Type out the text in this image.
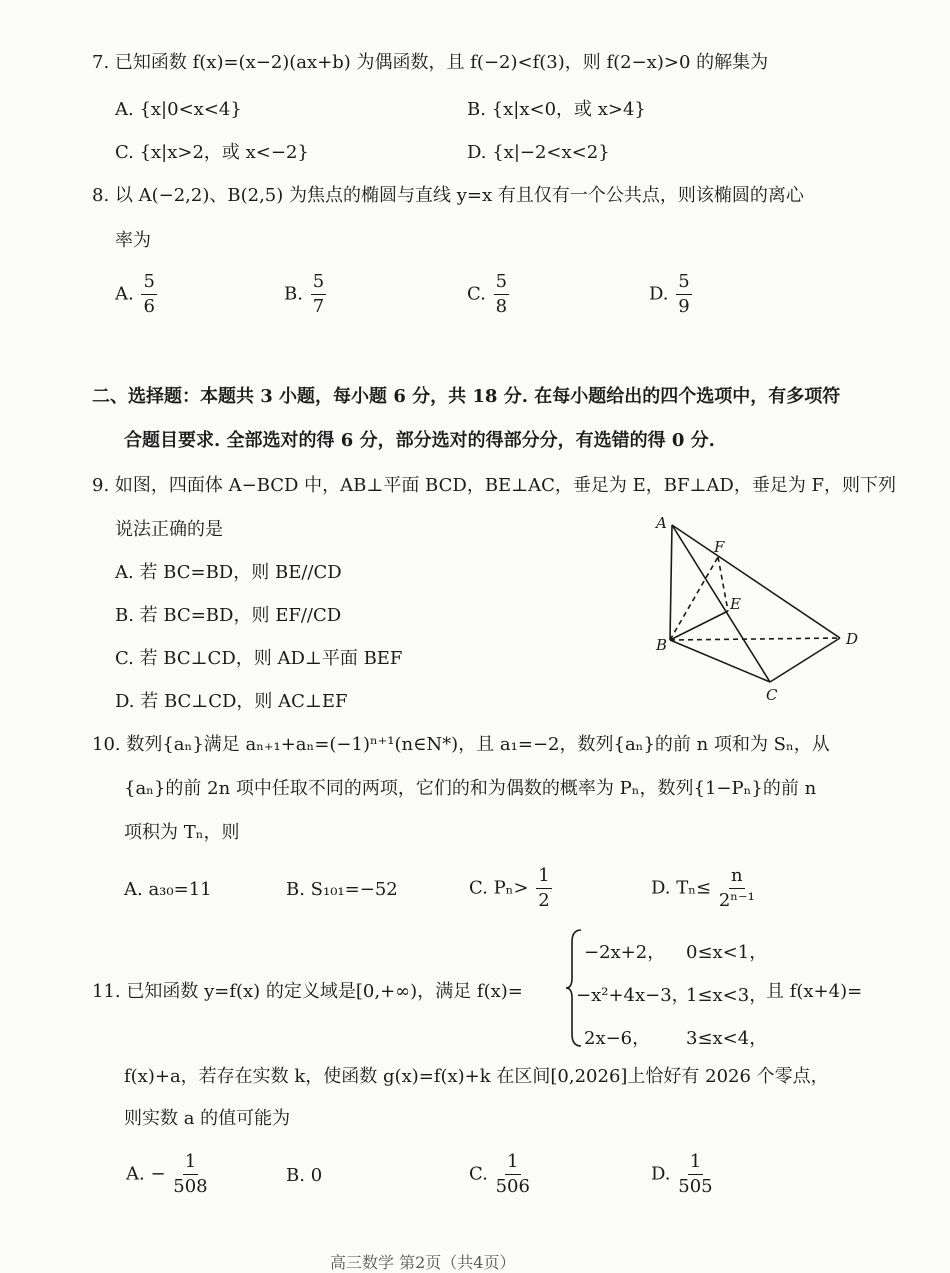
7. 已知函数 f(x)=(x−2)(ax+b) 为偶函数，且 f(−2)<f(3)，则 f(2−x)>0 的解集为
A. {x|0<x<4}	B. {x|x<0，或 x>4}
C. {x|x>2，或 x<−2}	D. {x|−2<x<2}
8. 以 A(−2,2)、B(2,5) 为焦点的椭圆与直线 y=x 有且仅有一个公共点，则该椭圆的离心
率为
A. $\frac{5}{6}$	B. $\frac{5}{7}$	C. $\frac{5}{8}$	D. $\frac{5}{9}$
二、选择题：本题共 3 小题，每小题 6 分，共 18 分. 在每小题给出的四个选项中，有多项符
合题目要求. 全部选对的得 6 分，部分选对的得部分分，有选错的得 0 分.
9. 如图，四面体 A−BCD 中，AB⊥平面 BCD，BE⊥AC，垂足为 E，BF⊥AD，垂足为 F，则下列
说法正确的是
A. 若 BC=BD，则 BE//CD
B. 若 BC=BD，则 EF//CD
C. 若 BC⊥CD，则 AD⊥平面 BEF
D. 若 BC⊥CD，则 AC⊥EF
A
B
C
D
E
F
10. 数列{aₙ}满足 aₙ₊₁+aₙ=(−1)ⁿ⁺¹(n∈N*)，且 a₁=−2，数列{aₙ}的前 n 项和为 Sₙ，从
{aₙ}的前 2n 项中任取不同的两项，它们的和为偶数的概率为 Pₙ，数列{1−Pₙ}的前 n
项积为 Tₙ，则
A. a₃₀=11	B. S₁₀₁=−52	C. $P_n> \frac{1}{2}$	D. $T_n\le \frac{n}{\text{2ⁿ⁻¹}}$
11. 已知函数 y=f(x) 的定义域是[0,+∞)，满足 f(x)=
−2x+2， 0≤x<1，
−x²+4x−3，
1≤x<3，
2x−6， 3≤x<4，
且 f(x+4)=
f(x)+a，若存在实数 k，使函数 g(x)=f(x)+k 在区间[0,2026]上恰好有 2026 个零点，
则实数 a 的值可能为
A. − $\frac{1}{508}$	B. 0	C. $\frac{1}{506}$	D. $\frac{1}{505}$
高三数学 第2页（共4页）
